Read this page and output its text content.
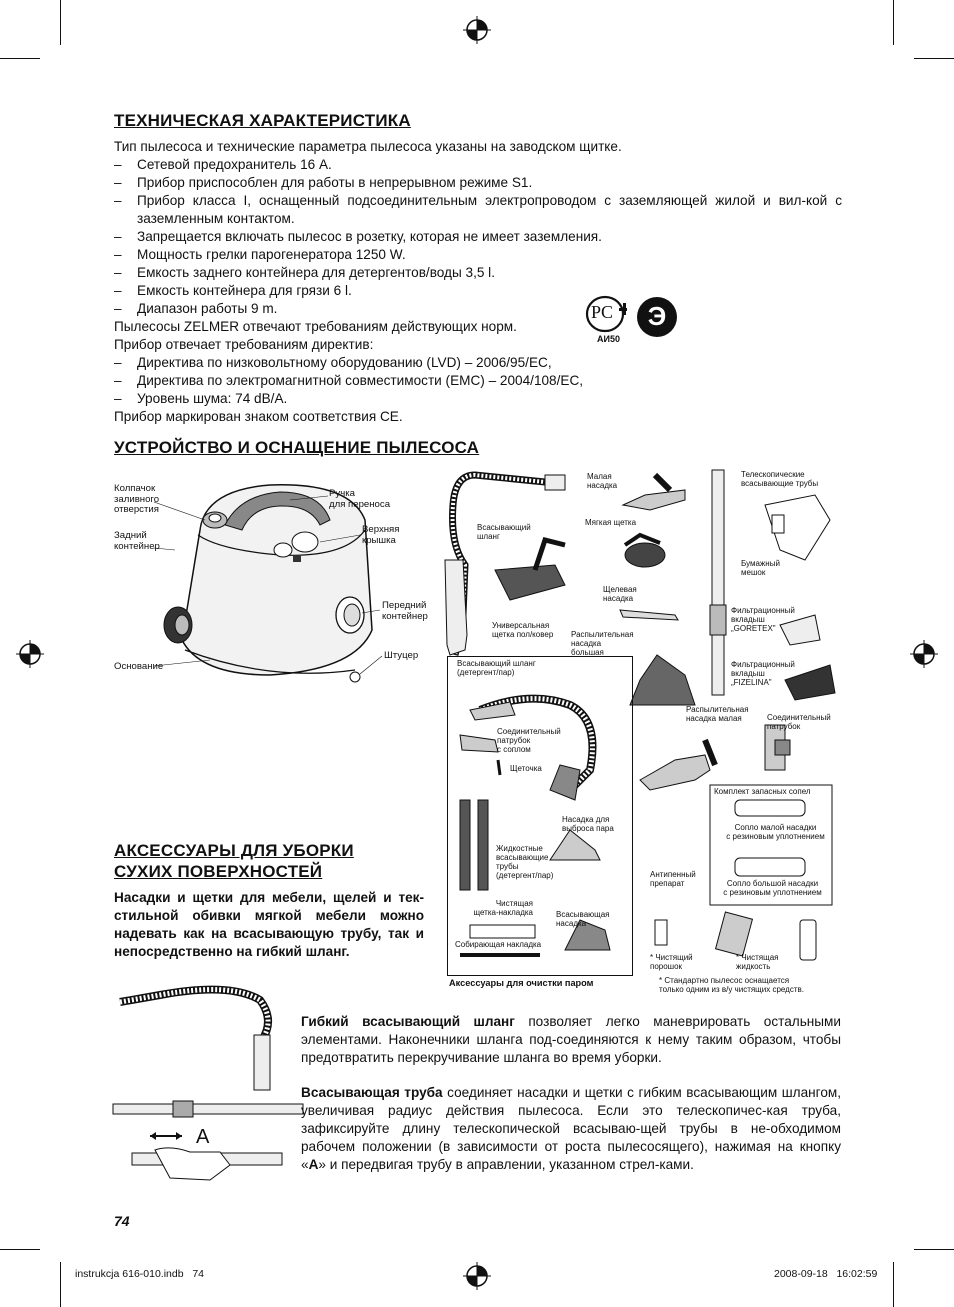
ТЕХНИЧЕСКАЯ ХАРАКТЕРИСТИКА
Тип пылесоса и технические параметра пылесоса указаны на заводском щитке.
– Сетевой предохранитель 16 A.
– Прибор приспособлен для работы в непрерывном режиме S1.
– Прибор класса I, оснащенный подсоединительным электропроводом с заземляющей жилой и вил-кой с заземленным контактом.
– Запрещается включать пылесос в розетку, которая не имеет заземления.
– Мощность грелки парогенератора 1250 W.
– Емкость заднего контейнера для детергентов/воды 3,5 l.
– Емкость контейнера для грязи 6 l.
– Диапазон работы 9 m.
Пылесосы ZELMER отвечают требованиям действующих норм.
Прибор отвечает требованиям директив:
– Директива по низковольтному оборудованию (LVD) – 2006/95/EC,
– Директива по электромагнитной совместимости (EMC) – 2004/108/EC,
– Уровень шума: 74 dB/A.
Прибор маркирован знаком соответствия CE.
PC
АИ50
Э
УСТРОЙСТВО И ОСНАЩЕНИЕ ПЫЛЕСОСА
Колпачок
заливного
отверстия
Задний
контейнер
Основание
Ручка
для переноса
Верхняя
крышка
Передний
контейнер
Штуцер
Малая
насадка
Всасывающий
шланг
Мягкая щетка
Щелевая
насадка
Универсальная
щетка пол/ковер Распылительная
насадка
большая
Телескопические
всасывающие трубы
Бумажный
мешок
Фильтрационный
вкладыш
„GORETEX"
Фильтрационный
вкладыш
„FIZELINA"
Всасывающий шланг
(детергент/пар)
Соединительный
патрубок
с соплом
Щеточка
Насадка для
выброса пара
Жидкостные
всасывающие
трубы
(детергент/пар)
Чистящая
щетка-накладка
Собирающая накладка
Всасывающая
насадка
Аксессуары для очистки паром
Распылительная
насадка малая	Соединительный
патрубок
Комплект запасных сопел
Сопло малой насадки
с резиновым уплотнением
Сопло большой насадки
с резиновым уплотнением
Антипенный
препарат
* Чистящий
порошок
* Чистящая
жидкость
* Стандартно пылесос оснащается
только одним из в/у чистящих средств.
АКСЕССУАРЫ ДЛЯ УБОРКИ
СУХИХ ПОВЕРХНОСТЕЙ
Насадки и щетки для мебели, щелей и тек-стильной обивки мягкой мебели можно надевать как на всасывающую трубу, так и непосредственно на гибкий шланг.
A
Гибкий всасывающий шланг позволяет легко маневрировать остальными элементами. Наконечники шланга под-соединяются к нему таким образом, чтобы предотвратить перекручивание шланга во время уборки.
Всасывающая труба соединяет насадки и щетки с гибким всасывающим шлангом, увеличивая радиус действия пылесоса. Если это телескопичес-кая труба, зафиксируйте длину телескопической всасываю-щей трубы в не-обходимом рабочем положении (в зависимости от роста пылесосящего), нажимая на кнопку «A» и передвигая трубу в аправлении, указанном стрел-ками.
74
instrukcja 616-010.indb   74	2008-09-18   16:02:59
